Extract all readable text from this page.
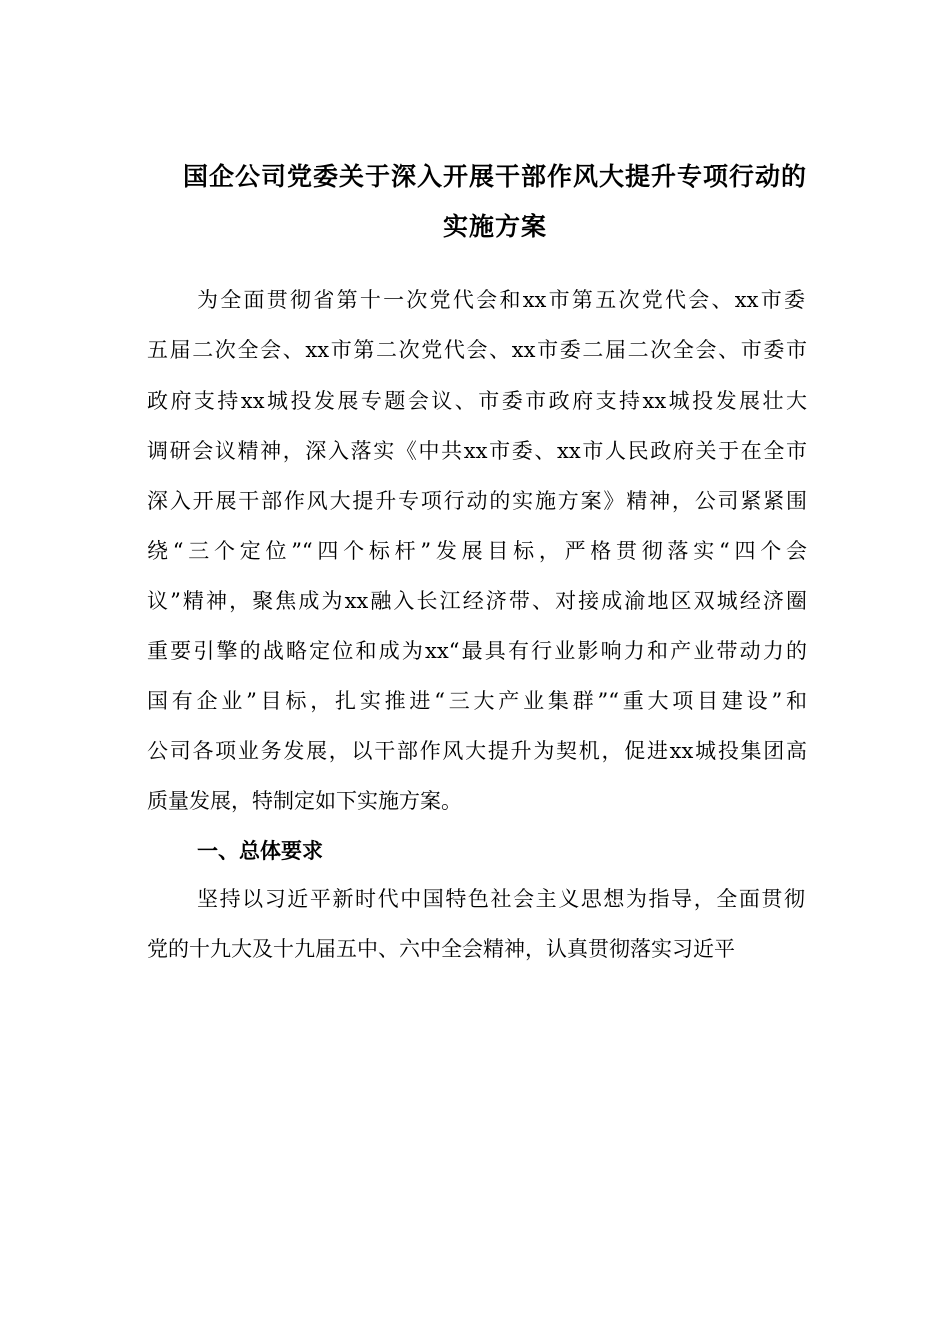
国企公司党委关于深入开展干部作风大提升专项行动的
实施方案
为全面贯彻省第十一次党代会和xx市第五次党代会、xx市委
五届二次全会、xx市第二次党代会、xx市委二届二次全会、市委市
政府支持xx城投发展专题会议、市委市政府支持xx城投发展壮大
调研会议精神，深入落实《中共xx市委、xx市人民政府关于在全市
深入开展干部作风大提升专项行动的实施方案》精神，公司紧紧围
绕“三个定位”“四个标杆”发展目标，严格贯彻落实“四个会
议”精神，聚焦成为xx融入长江经济带、对接成渝地区双城经济圈
重要引擎的战略定位和成为xx“最具有行业影响力和产业带动力的
国有企业”目标，扎实推进“三大产业集群”“重大项目建设”和
公司各项业务发展，以干部作风大提升为契机，促进xx城投集团高
质量发展，特制定如下实施方案。
一、总体要求
坚持以习近平新时代中国特色社会主义思想为指导，全面贯彻
党的十九大及十九届五中、六中全会精神，认真贯彻落实习近平
